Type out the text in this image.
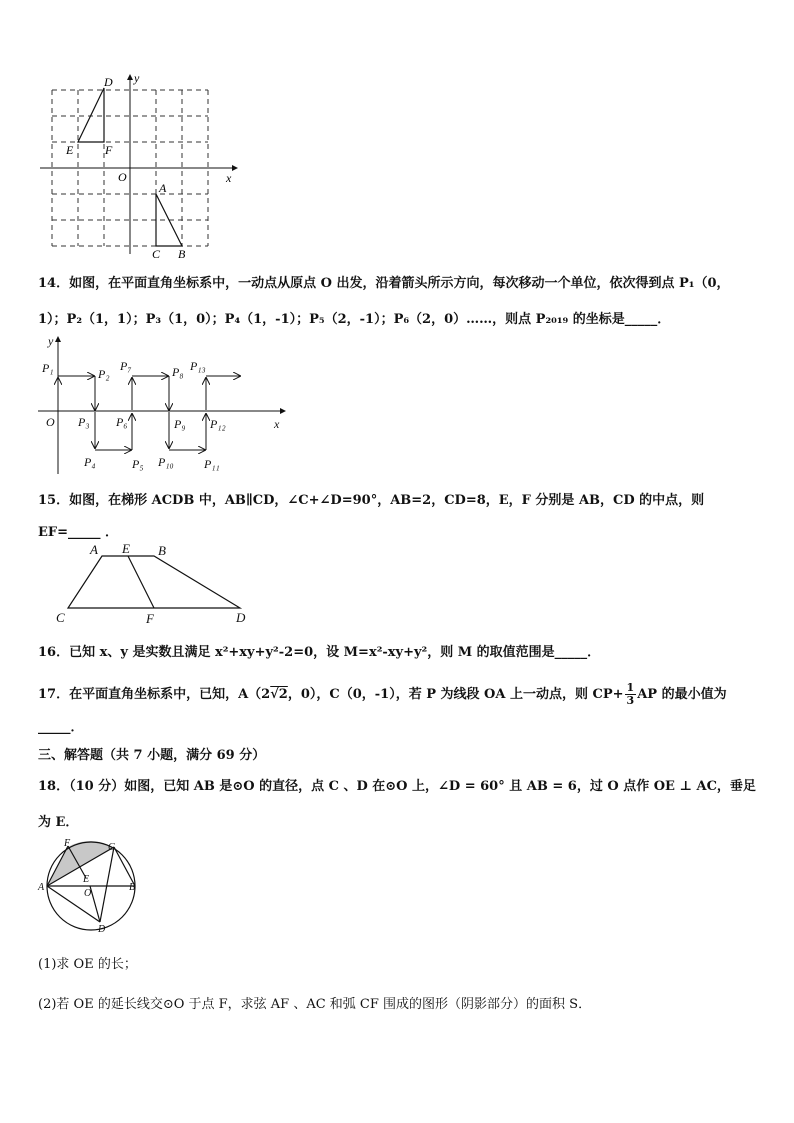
D y
E	F
O	x
A
C B
14．如图，在平面直角坐标系中，一动点从原点 O 出发，沿着箭头所示方向，每次移动一个单位，依次得到点 P₁（0，
1）；P₂（1，1）；P₃（1，0）；P₄（1，-1）；P₅（2，-1）；P₆（2，0）……，则点 P₂₀₁₉ 的坐标是_____．
y
x
O
P₁	P₂
P₃
P₄	P₅
P₆
P₇	P₈
P₉
P₁₀	P₁₁
P₁₂
P₁₃
15．如图，在梯形 ACDB 中，AB∥CD，∠C+∠D=90°，AB=2，CD=8，E，F 分别是 AB，CD 的中点，则
EF=_____ ．
A E B
C	F	D
16．已知 x、y 是实数且满足 x²+xy+y²-2=0，设 M=x²-xy+y²，则 M 的取值范围是_____．
17．在平面直角坐标系中，已知，A（2√2，0），C（0，-1），若 P 为线段 OA 上一动点，则 $CP+ \frac{1}{3}$ AP 的最小值为
_____．
三、解答题（共 7 小题，满分 69 分）
18．（10 分）如图，已知 AB 是⊙O 的直径，点 C 、D 在⊙O 上，∠D = 60° 且 AB = 6，过 O 点作 OE ⊥ AC，垂足
为 E．
F	C
E
A
O
B
D
(1)求 OE 的长；
(2)若 OE 的延长线交⊙O 于点 F，求弦 AF 、AC 和弧 CF 围成的图形（阴影部分）的面积 S．
